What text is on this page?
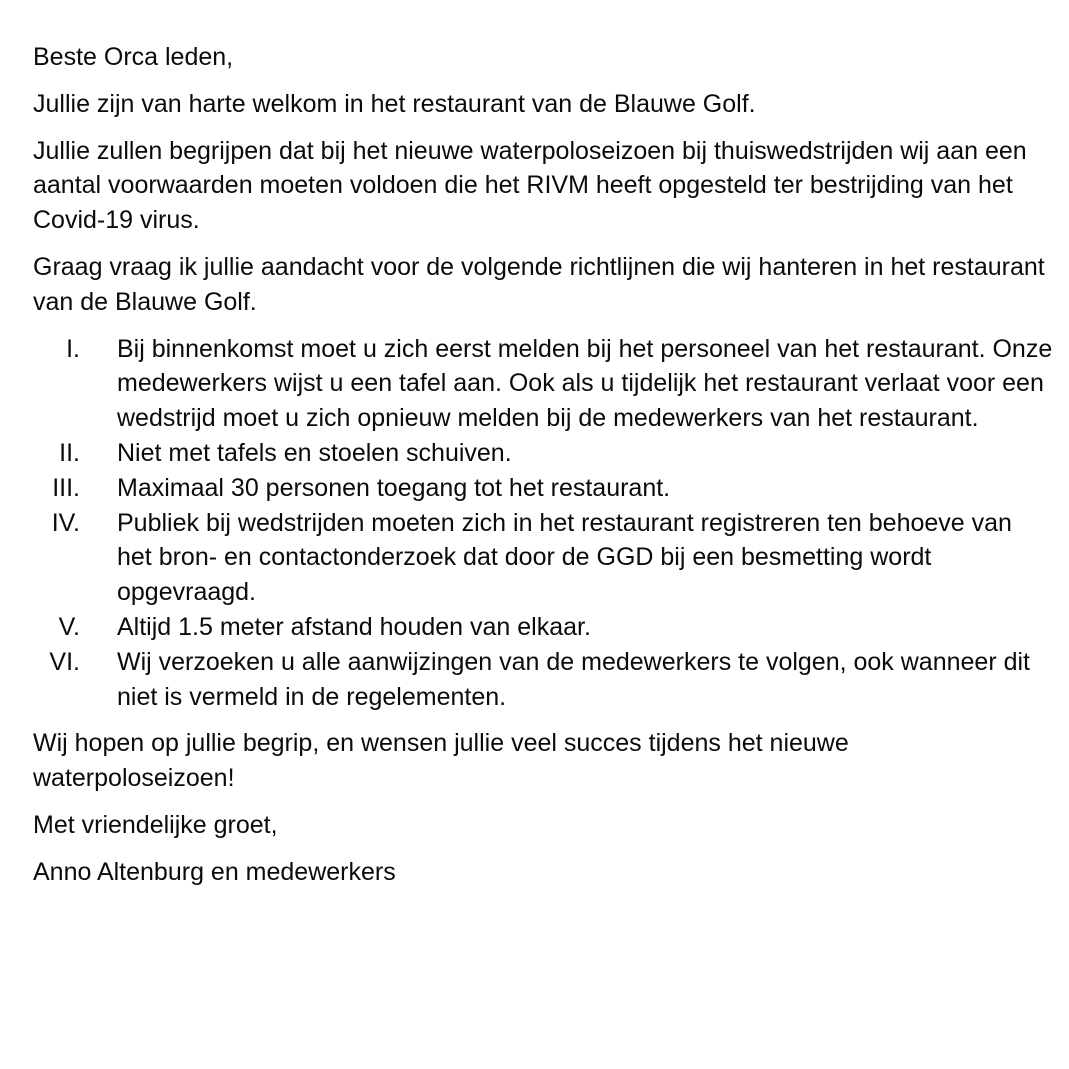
Beste Orca leden,

Jullie zijn van harte welkom in het restaurant van de Blauwe Golf.

Jullie zullen begrijpen dat bij het nieuwe waterpoloseizoen bij thuiswedstrijden wij aan een aantal voorwaarden moeten voldoen die het RIVM heeft opgesteld ter bestrijding van het Covid-19 virus.

Graag vraag ik jullie aandacht voor de volgende richtlijnen die wij hanteren in het restaurant van de Blauwe Golf.

I.	Bij binnenkomst moet u zich eerst melden bij het personeel van het restaurant. Onze medewerkers wijst u een tafel aan. Ook als u tijdelijk het restaurant verlaat voor een wedstrijd moet u zich opnieuw melden bij de medewerkers van het restaurant.
II.	Niet met tafels en stoelen schuiven.
III.	Maximaal 30 personen toegang tot het restaurant.
IV.	Publiek bij wedstrijden moeten zich in het restaurant registreren ten behoeve van het bron- en contactonderzoek dat door de GGD bij een besmetting wordt opgevraagd.
V.	Altijd 1.5 meter afstand houden van elkaar.
VI.	Wij verzoeken u alle aanwijzingen van de medewerkers te volgen, ook wanneer dit niet is vermeld in de regelementen.

Wij hopen op jullie begrip, en wensen jullie veel succes tijdens het nieuwe waterpoloseizoen!

Met vriendelijke groet,

Anno Altenburg en medewerkers
